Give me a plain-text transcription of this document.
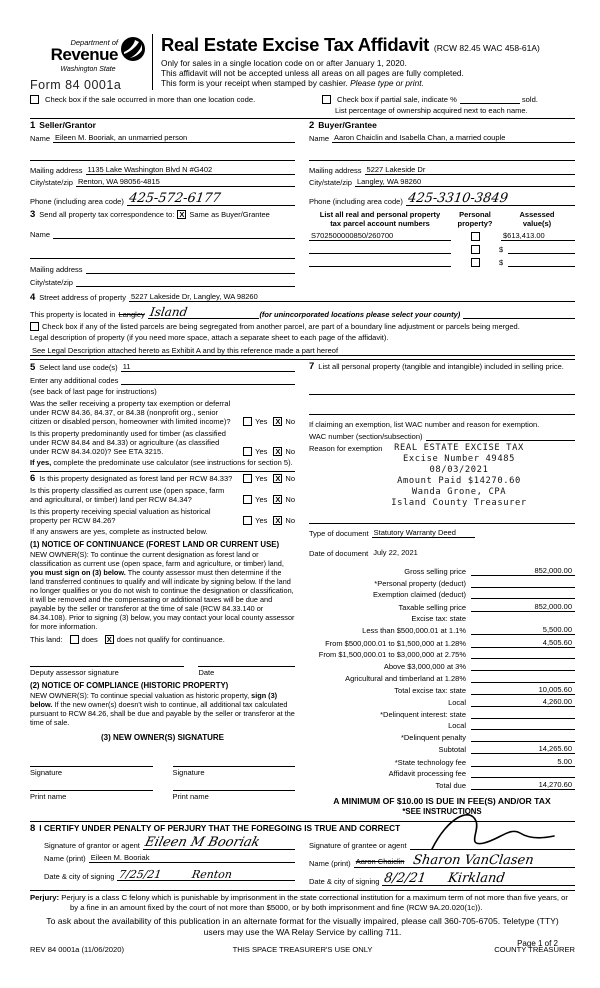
Department of
Revenue
Washington State
Form 84 0001a
Real Estate Excise Tax Affidavit (RCW 82.45 WAC 458-61A)
Only for sales in a single location code on or after January 1, 2020.
This affidavit will not be accepted unless all areas on all pages are fully completed.
This form is your receipt when stamped by cashier. Please type or print.
Check box if the sale occurred in more than one location code.	Check box if partial sale, indicate %	sold.
List percentage of ownership acquired next to each name.
1 Seller/Grantor
Name Eileen M. Booriak, an unmarried person
Mailing address 1135 Lake Washington Blvd N #G402
City/state/zip Renton, WA 98056-4815
Phone (including area code) 425-572-6177
2 Buyer/Grantee
Name Aaron Chaiclin and Isabella Chan, a married couple
Mailing address 5227 Lakeside Dr
City/state/zip Langley, WA 98260
Phone (including area code) 425-3310-3849
3 Send all property tax correspondence to: X Same as Buyer/Grantee
Name
Mailing address
City/state/zip
List all real and personal property
tax parcel account numbers
Personal
property?
Assessed
value(s)
S702500000850/260700	$613,413.00
$
$
4 Street address of property 5227 Lakeside Dr, Langley, WA 98260
This property is located in Langley Island	(for unincorporated locations please select your county)
Check box if any of the listed parcels are being segregated from another parcel, are part of a boundary line adjustment or parcels being merged.
Legal description of property (if you need more space, attach a separate sheet to each page of the affidavit).
See Legal Description attached hereto as Exhibit A and by this reference made a part hereof
5 Select land use code(s) 11
Enter any additional codes
(see back of last page for instructions)
Was the seller receiving a property tax exemption or deferral under RCW 84.36, 84.37, or 84.38 (nonprofit org., senior citizen or disabled person, homeowner with limited income)?	Yes X No
Is this property predominantly used for timber (as classified under RCW 84.84 and 84.33) or agriculture (as classified under RCW 84.34.020)? See ETA 3215.	Yes X No
If yes, complete the predominate use calculator (see instructions for section 5).
6 Is this property designated as forest land per RCW 84.33?	Yes X No
Is this property classified as current use (open space, farm and agricultural, or timber) land per RCW 84.34?	Yes X No
Is this property receiving special valuation as historical property per RCW 84.26?	Yes X No
If any answers are yes, complete as instructed below.
(1) NOTICE OF CONTINUANCE (FOREST LAND OR CURRENT USE)
NEW OWNER(S): To continue the current designation as forest land or classification as current use (open space, farm and agriculture, or timber) land, you must sign on (3) below. The county assessor must then determine if the land transferred continues to qualify and will indicate by signing below. If the land no longer qualifies or you do not wish to continue the designation or classification, it will be removed and the compensating or additional taxes will be due and payable by the seller or transferor at the time of sale (RCW 84.33.140 or 84.34.108). Prior to signing (3) below, you may contact your local county assessor for more information.
This land:	does X does not qualify for continuance.
Deputy assessor signature	Date
(2) NOTICE OF COMPLIANCE (HISTORIC PROPERTY)
NEW OWNER(S): To continue special valuation as historic property, sign (3) below. If the new owner(s) doesn't wish to continue, all additional tax calculated pursuant to RCW 84.26, shall be due and payable by the seller or transferor at the time of sale.
(3) NEW OWNER(S) SIGNATURE
Signature	Signature
Print name	Print name
7 List all personal property (tangible and intangible) included in selling price.
If claiming an exemption, list WAC number and reason for exemption.
WAC number (section/subsection)
Reason for exemption	REAL ESTATE EXCISE TAX
Excise Number 49485
08/03/2021
Amount Paid $14270.60
Wanda Grone, CPA
Island County Treasurer
Type of document Statutory Warranty Deed
Date of document July 22, 2021
Gross selling price	852,000.00
*Personal property (deduct)
Exemption claimed (deduct)
Taxable selling price	852,000.00
Excise tax: state
Less than $500,000.01 at 1.1%	5,500.00
From $500,000.01 to $1,500,000 at 1.28%	4,505.60
From $1,500,000.01 to $3,000,000 at 2.75%
Above $3,000,000 at 3%
Agricultural and timberland at 1.28%
Total excise tax: state	10,005.60
Local	4,260.00
*Delinquent interest: state
Local
*Delinquent penalty
Subtotal	14,265.60
*State technology fee	5.00
Affidavit processing fee
Total due	14,270.60
A MINIMUM OF $10.00 IS DUE IN FEE(S) AND/OR TAX
*SEE INSTRUCTIONS
8 I CERTIFY UNDER PENALTY OF PERJURY THAT THE FOREGOING IS TRUE AND CORRECT
Signature of grantor or agent Eileen M Booriak
Name (print) Eileen M. Booriak
Date & city of signing 7/25/21	Renton
Signature of grantee or agent
Name (print) Aaron Chaiclin Sharon VanClasen
Date & city of signing 8/2/21 Kirkland
Perjury: Perjury is a class C felony which is punishable by imprisonment in the state correctional institution for a maximum term of not more than five years, or by a fine in an amount fixed by the court of not more than $5000, or by both imprisonment and fine (RCW 9A.20.020(1c)).
To ask about the availability of this publication in an alternate format for the visually impaired, please call 360-705-6705. Teletype (TTY) users may use the WA Relay Service by calling 711.
REV 84 0001a (11/06/2020)	THIS SPACE TREASURER'S USE ONLY	COUNTY TREASURER
Page 1 of 2
